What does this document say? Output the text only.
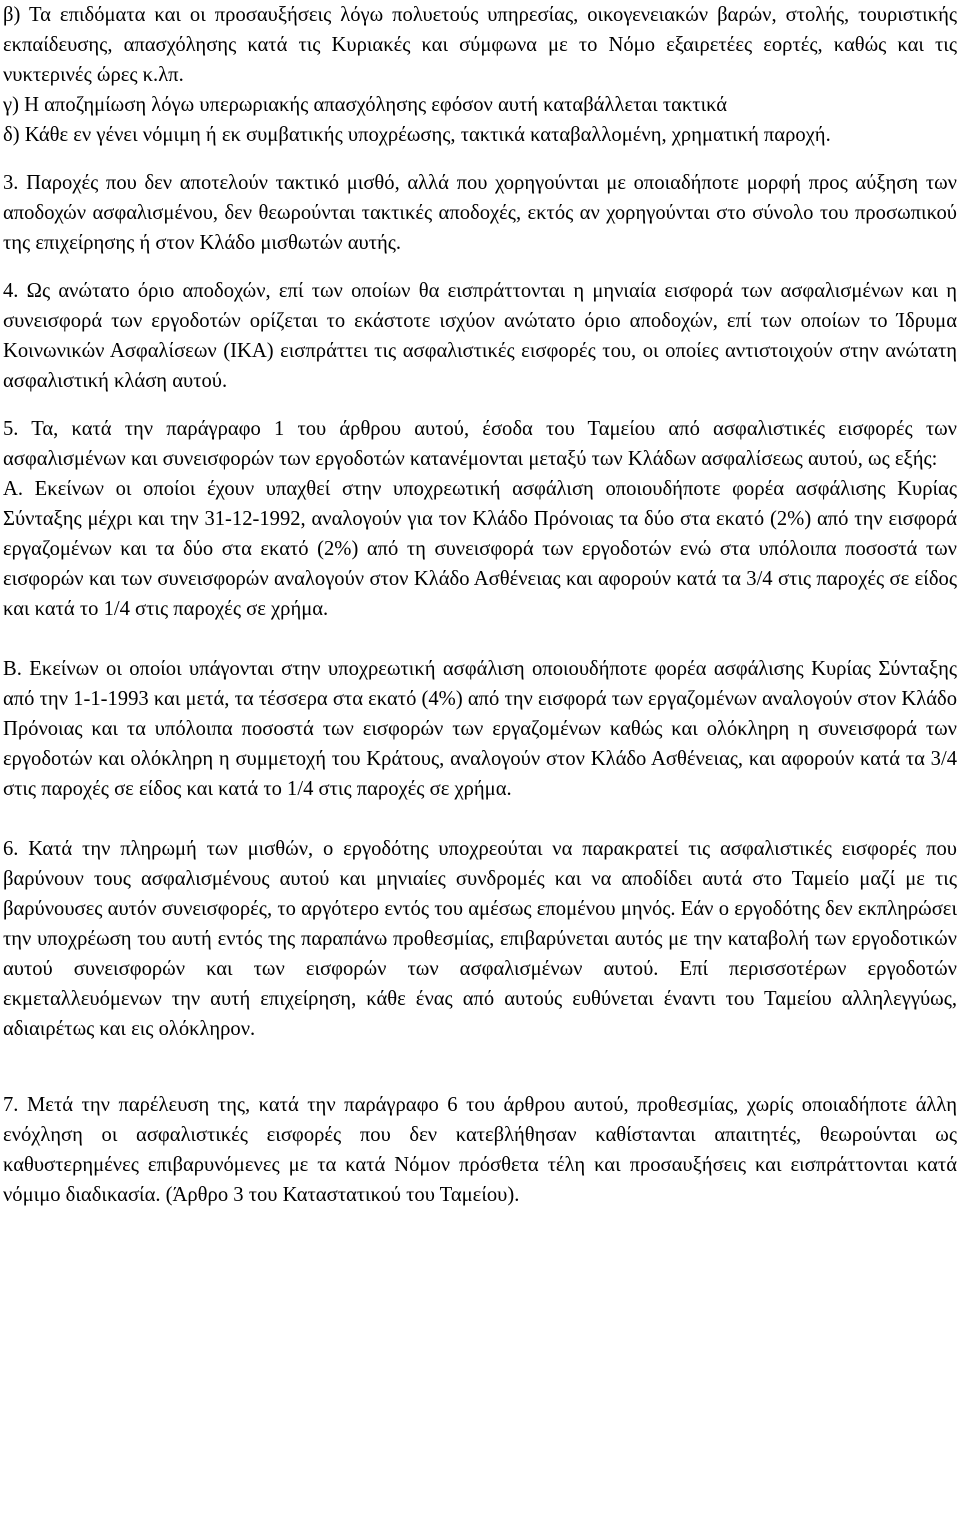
β) Τα επιδόματα και οι προσαυξήσεις λόγω πολυετούς υπηρεσίας, οικογενειακών βαρών, στολής, τουριστικής εκπαίδευσης, απασχόλησης κατά τις Κυριακές και σύμφωνα με το Νόμο εξαιρετέες εορτές, καθώς και τις νυκτερινές ώρες κ.λπ.

γ) Η αποζημίωση λόγω υπερωριακής απασχόλησης εφόσον αυτή καταβάλλεται τακτικά

δ) Κάθε εν γένει νόμιμη ή εκ συμβατικής υποχρέωσης, τακτικά καταβαλλομένη, χρηματική παροχή.

3. Παροχές που δεν αποτελούν τακτικό μισθό, αλλά που χορηγούνται με οποιαδήποτε μορφή προς αύξηση των αποδοχών ασφαλισμένου, δεν θεωρούνται τακτικές αποδοχές, εκτός αν χορηγούνται στο σύνολο του προσωπικού της επιχείρησης ή στον Κλάδο μισθωτών αυτής.

4. Ως ανώτατο όριο αποδοχών, επί των οποίων θα εισπράττονται η μηνιαία εισφορά των ασφαλισμένων και η συνεισφορά των εργοδοτών ορίζεται το εκάστοτε ισχύον ανώτατο όριο αποδοχών, επί των οποίων το Ίδρυμα Κοινωνικών Ασφαλίσεων (ΙΚΑ) εισπράττει τις ασφαλιστικές εισφορές του, οι οποίες αντιστοιχούν στην ανώτατη ασφαλιστική κλάση αυτού.

5. Τα, κατά την παράγραφο 1 του άρθρου αυτού, έσοδα του Ταμείου από ασφαλιστικές εισφορές των ασφαλισμένων και συνεισφορών των εργοδοτών κατανέμονται μεταξύ των Κλάδων ασφαλίσεως αυτού, ως εξής:

Α. Εκείνων οι οποίοι έχουν υπαχθεί στην υποχρεωτική ασφάλιση οποιουδήποτε φορέα ασφάλισης Κυρίας Σύνταξης μέχρι και την 31-12-1992, αναλογούν για τον Κλάδο Πρόνοιας τα δύο στα εκατό (2%) από την εισφορά εργαζομένων και τα δύο στα εκατό (2%) από τη συνεισφορά των εργοδοτών ενώ στα υπόλοιπα ποσοστά των εισφορών και των συνεισφορών αναλογούν στον Κλάδο Ασθένειας και αφορούν κατά τα 3/4 στις παροχές σε είδος και κατά το 1/4 στις παροχές σε χρήμα.

Β. Εκείνων οι οποίοι υπάγονται στην υποχρεωτική ασφάλιση οποιουδήποτε φορέα ασφάλισης Κυρίας Σύνταξης από την 1-1-1993 και μετά, τα τέσσερα στα εκατό (4%) από την εισφορά των εργαζομένων αναλογούν στον Κλάδο Πρόνοιας και τα υπόλοιπα ποσοστά των εισφορών των εργαζομένων καθώς και ολόκληρη η συνεισφορά των εργοδοτών και ολόκληρη η συμμετοχή του Κράτους, αναλογούν στον Κλάδο Ασθένειας, και αφορούν κατά τα 3/4 στις παροχές σε είδος και κατά το 1/4 στις παροχές σε χρήμα.

6. Κατά την πληρωμή των μισθών, ο εργοδότης υποχρεούται να παρακρατεί τις ασφαλιστικές εισφορές που βαρύνουν τους ασφαλισμένους αυτού και μηνιαίες συνδρομές και να αποδίδει αυτά στο Ταμείο μαζί με τις βαρύνουσες αυτόν συνεισφορές, το αργότερο εντός του αμέσως επομένου μηνός. Εάν ο εργοδότης δεν εκπληρώσει την υποχρέωση του αυτή εντός της παραπάνω προθεσμίας, επιβαρύνεται αυτός με την καταβολή των εργοδοτικών αυτού συνεισφορών και των εισφορών των ασφαλισμένων αυτού. Επί περισσοτέρων εργοδοτών εκμεταλλευόμενων την αυτή επιχείρηση, κάθε ένας από αυτούς ευθύνεται έναντι του Ταμείου αλληλεγγύως, αδιαιρέτως και εις ολόκληρον.

7. Μετά την παρέλευση της, κατά την παράγραφο 6 του άρθρου αυτού, προθεσμίας, χωρίς οποιαδήποτε άλλη ενόχληση οι ασφαλιστικές εισφορές που δεν κατεβλήθησαν καθίστανται απαιτητές, θεωρούνται ως καθυστερημένες επιβαρυνόμενες με τα κατά Νόμον πρόσθετα τέλη και προσαυξήσεις και εισπράττονται κατά νόμιμο διαδικασία. (Άρθρο 3 του Καταστατικού του Ταμείου).
